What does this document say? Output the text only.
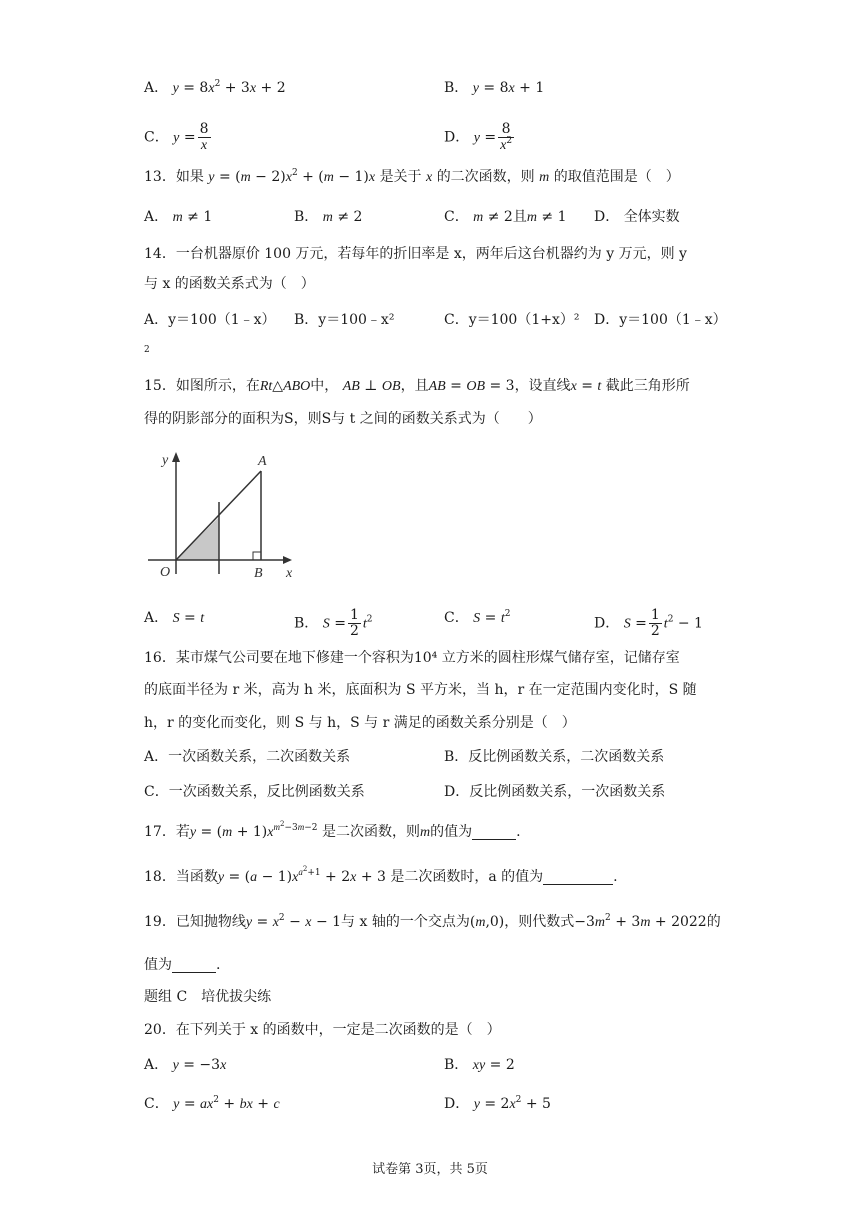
A． $y = 8x^2 + 3x + 2$	B． y = 8x + 1
C． $y = \frac{8}{x}$	D． $y = \frac{8}{x^2}$
13．如果 $y = (m - 2)x^2 + (m - 1)x$ 是关于 x 的二次函数，则 m 的取值范围是（　）
A． m ≠ 1	B． m ≠ 2	C． m ≠ 2且m ≠ 1 D． 全体实数
14．一台机器原价 100 万元，若每年的折旧率是 x，两年后这台机器约为 y 万元，则 y
与 x 的函数关系式为（　）
A．y＝100（1﹣x） B．y＝100﹣x²	C．y＝100（1+x）² D．y＝100（1﹣x）
2
15．如图所示，在Rt△ABO中， AB ⊥ OB，且AB = OB = 3，设直线x = t 截此三角形所
得的阴影部分的面积为S，则S与 t 之间的函数关系式为（　　）
y	A
O	B x
A． S = t	B． $S = \frac{1}{2} t^2$	C． $S = t^2$
D． $S = \frac{1}{2} t^2 - 1$
16．某市煤气公司要在地下修建一个容积为10⁴ 立方米的圆柱形煤气储存室，记储存室
的底面半径为 r 米，高为 h 米，底面积为 S 平方米，当 h，r 在一定范围内变化时，S 随
h，r 的变化而变化，则 S 与 h，S 与 r 满足的函数关系分别是（　）
A．一次函数关系，二次函数关系	B．反比例函数关系，二次函数关系
C．一次函数关系，反比例函数关系	D．反比例函数关系，一次函数关系
17．若$y = (m + 1)x^{m^2-3m-2}$ 是二次函数，则m的值为	.
18．当函数$y = (a - 1)x^{a^2+1} + 2x + 3$ 是二次函数时，a 的值为	.
19．已知抛物线$y = x^2 - x - 1$与 x 轴的一个交点为(m,0)，则代数式$-3m^2 + 3m + 2022$的
值为	.
题组 C　培优拔尖练
20．在下列关于 x 的函数中，一定是二次函数的是（　）
A． y = −3x	B． xy = 2
C． $y = ax^2$ + bx + c	D． $y = 2x^2 + 5$
试卷第 3页，共 5页
